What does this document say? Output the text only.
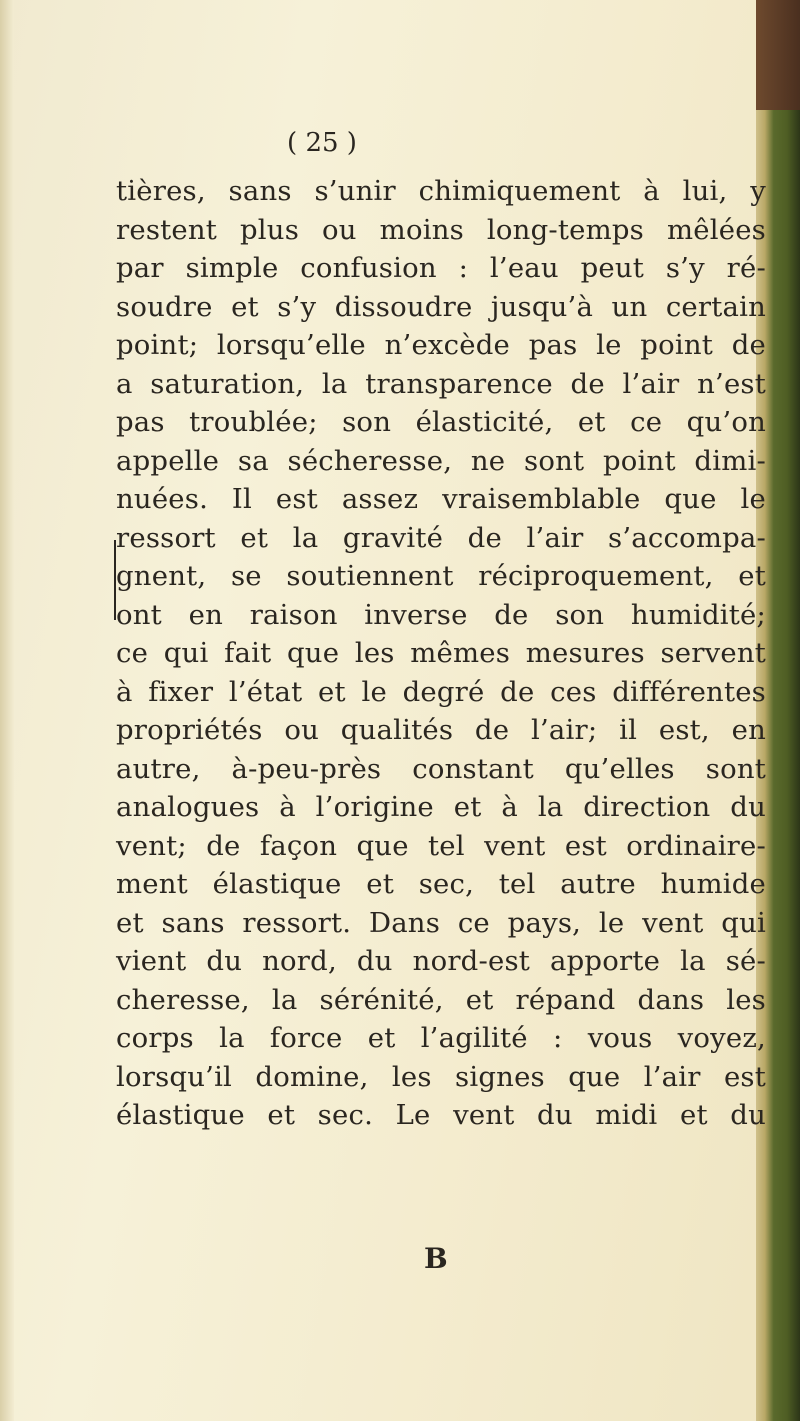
( 25 )
tières, sans s’unir chimiquement à lui, y
restent plus ou moins long-temps mêlées
par simple confusion : l’eau peut s’y ré-
soudre et s’y dissoudre jusqu’à un certain
point; lorsqu’elle n’excède pas le point de
a saturation, la transparence de l’air n’est
pas troublée; son élasticité, et ce qu’on
appelle sa sécheresse, ne sont point dimi-
nuées. Il est assez vraisemblable que le
ressort et la gravité de l’air s’accompa-
gnent, se soutiennent réciproquement, et
ont en raison inverse de son humidité;
ce qui fait que les mêmes mesures servent
à fixer l’état et le degré de ces différentes
propriétés ou qualités de l’air; il est, en
autre, à-peu-près constant qu’elles sont
analogues à l’origine et à la direction du
vent; de façon que tel vent est ordinaire-
ment élastique et sec, tel autre humide
et sans ressort. Dans ce pays, le vent qui
vient du nord, du nord-est apporte la sé-
cheresse, la sérénité, et répand dans les
corps la force et l’agilité : vous voyez,
lorsqu’il domine, les signes que l’air est
élastique et sec. Le vent du midi et du
B
